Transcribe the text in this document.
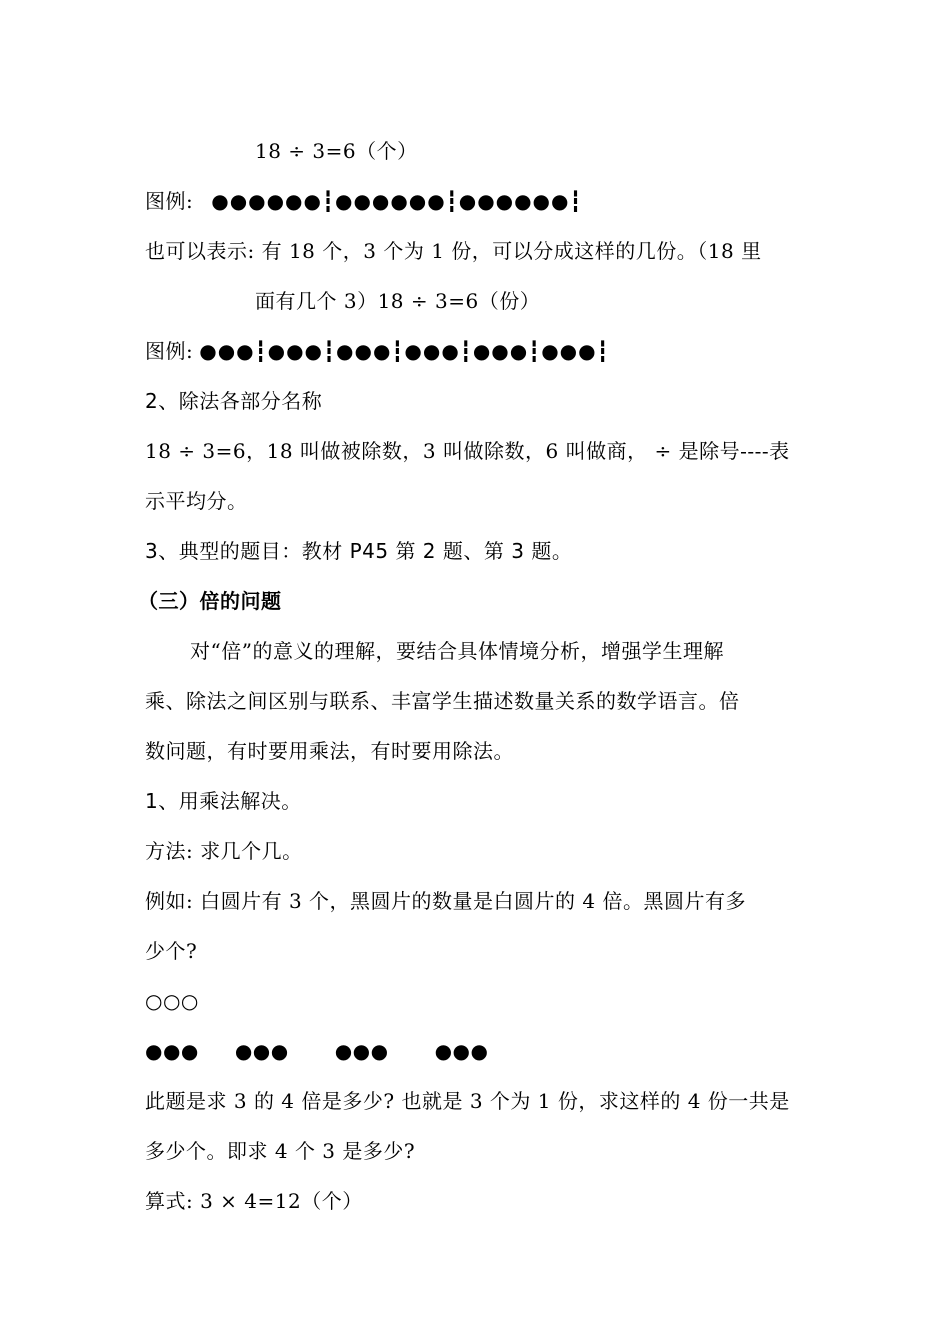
18 ÷ 3=6（个）
图例: ●●●●●●┇●●●●●●┇●●●●●●┇
也可以表示: 有 18 个，3 个为 1 份，可以分成这样的几份。（18 里
面有几个 3）18 ÷ 3=6（份）
图例: ●●●┇●●●┇●●●┇●●●┇●●●┇●●●┇
2、除法各部分名称
18 ÷ 3=6，18 叫做被除数，3 叫做除数，6 叫做商， ÷ 是除号----表
示平均分。
3、典型的题目：教材 P45 第 2 题、第 3 题。
（三）倍的问题
对“倍”的意义的理解，要结合具体情境分析，增强学生理解
乘、除法之间区别与联系、丰富学生描述数量关系的数学语言。倍
数问题，有时要用乘法，有时要用除法。
1、用乘法解决。
方法: 求几个几。
例如: 白圆片有 3 个，黑圆片的数量是白圆片的 4 倍。黑圆片有多
少个?
○○○
●●● ●●● ●●● ●●●
此题是求 3 的 4 倍是多少? 也就是 3 个为 1 份，求这样的 4 份一共是
多少个。即求 4 个 3 是多少?
算式: 3 × 4=12（个）
